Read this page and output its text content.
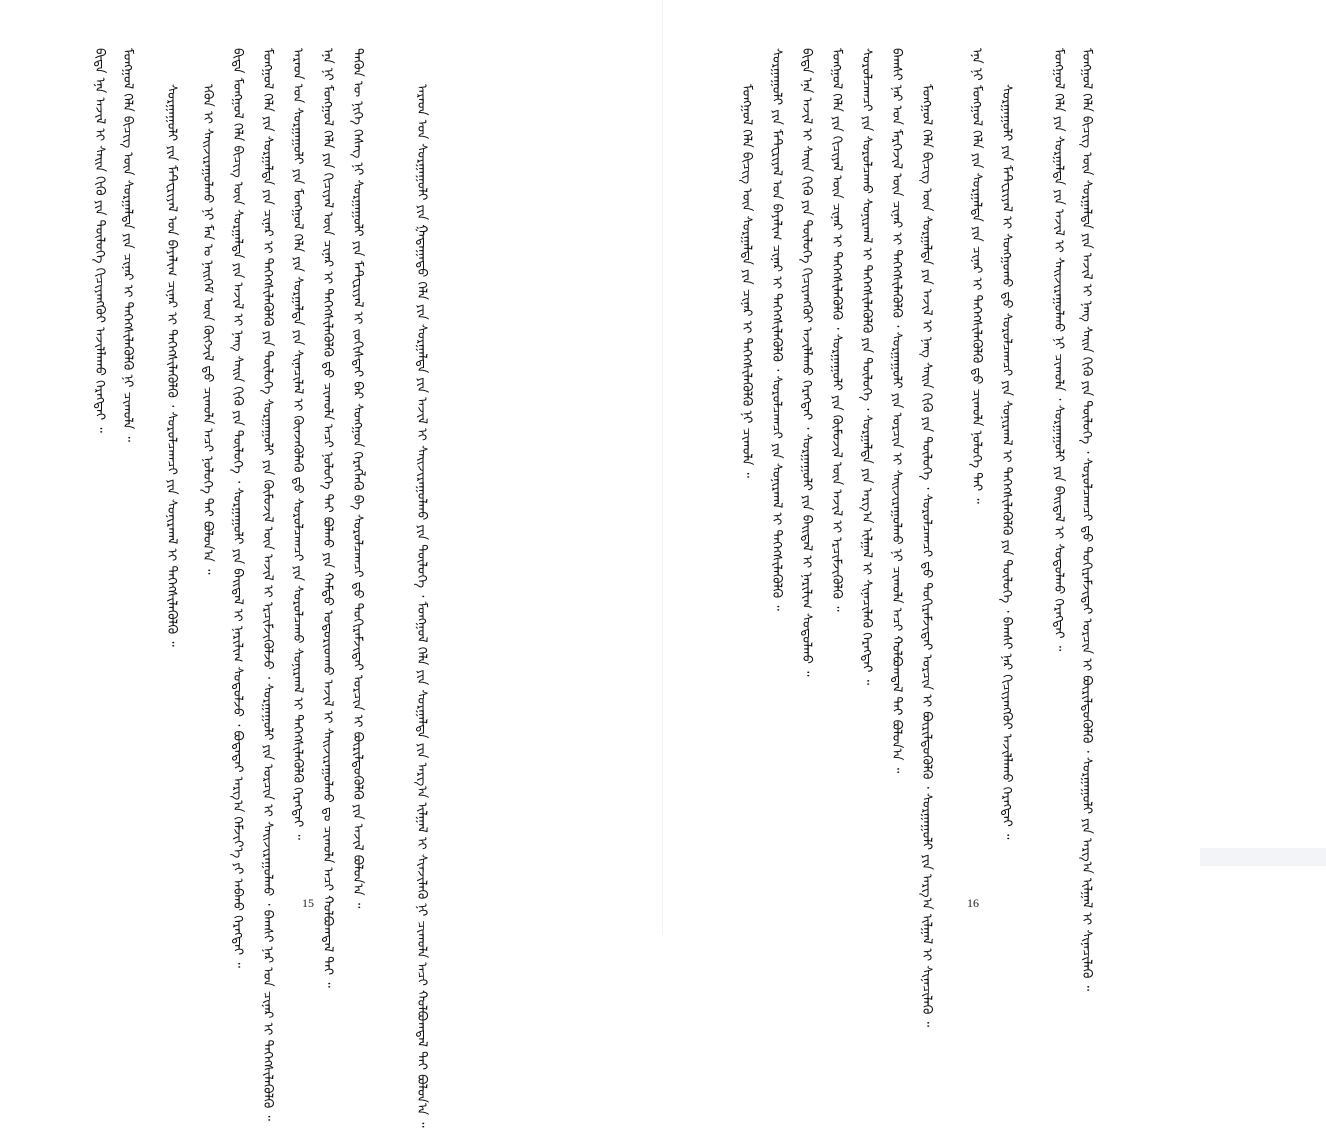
ᠪᠢᠳᠡ ᠡᠨᠡ ᠠᠵᠢᠯ ᠢ ᠰᠠᠢᠨ ᠬᠢᠬᠦ ᠶᠢᠨ ᠲᠥᠯᠥᠭᠡ ᠬᠢᠴᠢᠶᠡᠩᠭᠦᠢ ᠠᠵᠢᠯᠯᠠᠬᠤ ᠬᠡᠷᠡᠭᠲᠡᠢ ᠃	ᠮᠣᠩᠭᠣᠯ ᠬᠡᠯᠡ ᠪᠢᠴᠢᠭ ᠦᠨ ᠰᠤᠷᠭᠠᠯᠲᠠ ᠶᠢᠨ ᠴᠢᠨᠠᠷ ᠢ ᠳᠡᠭᠡᠭᠰᠢᠯᠡᠭᠦᠯᠬᠦ ᠨᠢ ᠴᠢᠬᠤᠯᠠ ᠃	ᠰᠤᠷᠭᠠᠭᠤᠯᠢ ᠶᠢᠨ ᠮᠠᠲ᠋ᠧᠷᠢᠶᠠᠯ ᠤᠨ ᠪᠠᠶᠠᠯᠢᠭ ᠴᠢᠨᠠᠷ ᠢ ᠳᠡᠭᠡᠭᠰᠢᠯᠡᠭᠦᠯᠬᠦ ᠂ ᠰᠤᠷᠤᠯᠴᠠᠭᠴᠢ ᠶᠢᠨ ᠰᠣᠨᠢᠷᠬᠠᠯ ᠢ ᠳᠡᠭᠡᠭᠰᠢᠯᠡᠭᠦᠯᠬᠦ ᠃	ᠡᠭᠦᠨ ᠢ ᠰᠠᠢᠵᠢᠷᠠᠭᠤᠯᠬᠤ ᠨᠢ ᠮᠠᠨ ᠤ ᠨᠡᠢᠭᠡᠮ ᠦᠨ ᠬᠥᠭᠵᠢᠯ ᠳ᠋ᠤ ᠴᠢᠬᠤᠯᠠ ᠠᠴᠢ ᠨᠣᠯᠣᠭᠡ ᠲᠠᠢ ᠪᠣᠯᠤᠨ᠎ᠠ ᠃	ᠪᠢᠳᠡ ᠮᠣᠩᠭᠣᠯ ᠬᠡᠯᠡ ᠪᠢᠴᠢᠭ ᠦᠨ ᠰᠤᠷᠭᠠᠯᠲᠠ ᠶᠢᠨ ᠠᠵᠢᠯ ᠢ ᠨᠡᠩ ᠰᠠᠢᠨ ᠬᠢᠬᠦ ᠶᠢᠨ ᠲᠥᠯᠥᠭᠡ ᠂ ᠰᠤᠷᠭᠠᠭᠤᠯᠢ ᠶᠢᠨ ᠪᠠᠢᠳᠠᠯ ᠢ ᠨᠠᠷᠢᠯᠢᠭ ᠰᠤᠳᠤᠯᠵᠤ ᠂ ᠪᠣᠳᠠᠲᠠᠢ ᠠᠷᠭ᠎ᠠ ᠬᠡᠮᠵᠢᠶ᠎ᠡ ᠶᠢ ᠠᠪᠬᠤ ᠬᠡᠷᠡᠭᠲᠡᠢ ᠃	ᠮᠣᠩᠭᠣᠯ ᠬᠡᠯᠡ ᠶᠢᠨ ᠰᠤᠷᠭᠠᠯᠲᠠ ᠶᠢᠨ ᠴᠢᠨᠠᠷ ᠢ ᠳᠡᠭᠡᠭᠰᠢᠯᠡᠭᠦᠯᠬᠦ ᠶᠢᠨ ᠲᠥᠯᠥᠭᠡ ᠰᠤᠷᠭᠠᠭᠤᠯᠢ ᠶᠢᠨ ᠬᠦᠮᠦᠵᠢᠯ ᠦᠨ ᠠᠵᠢᠯ ᠢ ᠡᠷᠴᠢᠮᠵᠢᠭᠦᠯᠵᠦ ᠂ ᠰᠤᠷᠭᠠᠭᠤᠯᠢ ᠶᠢᠨ ᠣᠷᠴᠢᠨ ᠢ ᠰᠠᠢᠵᠢᠷᠠᠭᠤᠯᠬᠤ ᠂ ᠪᠠᠭᠰᠢ ᠨᠠᠷ ᠤᠨ ᠴᠢᠨᠠᠷ ᠢ ᠳᠡᠭᠡᠭᠰᠢᠯᠡᠭᠦᠯᠬᠦ ᠃	ᠠᠷᠠᠳ ᠤᠨ ᠰᠤᠷᠭᠠᠭᠤᠯᠢ ᠶᠢᠨ ᠮᠣᠩᠭᠣᠯ ᠬᠡᠯᠡ ᠶᠢᠨ ᠰᠤᠷᠭᠠᠯᠲᠠ ᠶᠢᠨ ᠰᠢᠨᠡᠴᠢᠯᠡᠯ ᠢ ᠭᠦᠨᠵᠡᠭᠦᠯᠡᠬᠦ ᠳ᠋ᠤ ᠰᠤᠷᠤᠯᠴᠠᠭᠴᠢ ᠶᠢᠨ ᠰᠤᠷᠤᠯᠴᠠᠬᠤ ᠰᠣᠨᠢᠷᠬᠠᠯ ᠢ ᠳᠡᠭᠡᠭᠰᠢᠯᠡᠭᠦᠯᠬᠦ ᠬᠡᠷᠡᠭᠲᠡᠢ ᠃	ᠡᠨᠡ ᠨᠢ ᠮᠣᠩᠭᠣᠯ ᠬᠡᠯᠡ ᠶᠢᠨ ᠬᠢᠴᠢᠶᠡᠯ ᠦᠨ ᠴᠢᠨᠠᠷ ᠢ ᠳᠡᠭᠡᠭᠰᠢᠯᠡᠭᠦᠯᠬᠦ ᠳ᠋ᠤ ᠴᠢᠬᠤᠯᠠ ᠠᠴᠢ ᠨᠣᠯᠣᠭᠡ ᠲᠠᠢ ᠪᠣᠯᠬᠤ ᠶᠢᠨ ᠬᠠᠮᠲᠤ ᠤᠳᠤᠷᠢᠳᠬᠤ ᠠᠵᠢᠯ ᠢ ᠰᠠᠢᠵᠢᠷᠠᠭᠤᠯᠬᠤ ᠳᠤ ᠴᠢᠬᠤᠯᠠ ᠠᠴᠢ ᠬᠣᠯᠪᠣᠭᠳᠠᠯ ᠲᠠᠢ ᠃	ᠲᠡᠭᠦᠨ ᠦ ᠨᠢᠭᠡ ᠬᠡᠰᠡᠭ ᠨᠢ ᠰᠤᠷᠭᠠᠭᠤᠯᠢ ᠶᠢᠨ ᠮᠠᠲ᠋ᠧᠷᠢᠶᠠᠯ ᠢ ᠵᠣᠬᠢᠰᠲᠠᠢ ᠪᠡᠷ ᠰᠣᠩᠭᠣᠨ ᠬᠡᠷᠡᠭᠯᠡᠬᠦ ᠪᠠ ᠰᠤᠷᠤᠯᠴᠠᠭᠴᠢ ᠳ᠋ᠤ ᠲᠣᠬᠢᠷᠠᠮᠵᠢᠲᠠᠢ ᠣᠷᠴᠢᠨ ᠢ ᠪᠦᠷᠢᠯᠳᠦᠭᠦᠯᠬᠦ ᠶᠢᠨ ᠠᠵᠢᠯ ᠪᠣᠯᠤᠨ᠎ᠠ ᠃	ᠠᠷᠠᠳ ᠤᠨ ᠰᠤᠷᠭᠠᠭᠤᠯᠢ ᠶᠢᠨ ᠭᠠᠳᠠᠭᠠᠳᠤ ᠬᠡᠯᠡ ᠶᠢᠨ ᠰᠤᠷᠭᠠᠯᠲᠠ ᠶᠢᠨ ᠠᠵᠢᠯ ᠢ ᠰᠠᠢᠵᠢᠷᠠᠭᠤᠯᠬᠤ ᠶᠢᠨ ᠲᠥᠯᠥᠭᠡ ᠂ ᠮᠣᠩᠭᠣᠯ ᠬᠡᠯᠡ ᠶᠢᠨ ᠰᠤᠷᠭᠠᠯᠲᠠ ᠶᠢᠨ ᠠᠷᠭ᠎ᠠ ᠢᠯᠭᠠᠯ ᠢ ᠰᠢᠨᠵᠢᠯᠡᠬᠦ ᠨᠢ ᠴᠢᠬᠤᠯᠠ ᠠᠴᠢ ᠬᠣᠯᠪᠣᠭᠳᠠᠯ ᠲᠠᠢ ᠪᠣᠯᠤᠨ᠎ᠠ ᠃
15
ᠮᠣᠩᠭᠣᠯ ᠬᠡᠯᠡ ᠪᠢᠴᠢᠭ ᠦᠨ ᠰᠤᠷᠭᠠᠯᠲᠠ ᠶᠢᠨ ᠴᠢᠨᠠᠷ ᠢ ᠳᠡᠭᠡᠭᠰᠢᠯᠡᠭᠦᠯᠬᠦ ᠨᠢ ᠴᠢᠬᠤᠯᠠ ᠃	ᠰᠤᠷᠭᠠᠭᠤᠯᠢ ᠶᠢᠨ ᠮᠠᠲ᠋ᠧᠷᠢᠶᠠᠯ ᠤᠨ ᠪᠠᠶᠠᠯᠢᠭ ᠴᠢᠨᠠᠷ ᠢ ᠳᠡᠭᠡᠭᠰᠢᠯᠡᠭᠦᠯᠬᠦ ᠂ ᠰᠤᠷᠤᠯᠴᠠᠭᠴᠢ ᠶᠢᠨ ᠰᠣᠨᠢᠷᠬᠠᠯ ᠢ ᠳᠡᠭᠡᠭᠰᠢᠯᠡᠭᠦᠯᠬᠦ ᠃	ᠪᠢᠳᠡ ᠡᠨᠡ ᠠᠵᠢᠯ ᠢ ᠰᠠᠢᠨ ᠬᠢᠬᠦ ᠶᠢᠨ ᠲᠥᠯᠥᠭᠡ ᠬᠢᠴᠢᠶᠡᠩᠭᠦᠢ ᠠᠵᠢᠯᠯᠠᠬᠤ ᠬᠡᠷᠡᠭᠲᠡᠢ ᠂ ᠰᠤᠷᠭᠠᠭᠤᠯᠢ ᠶᠢᠨ ᠪᠠᠢᠳᠠᠯ ᠢ ᠨᠠᠷᠢᠯᠢᠭ ᠰᠤᠳᠤᠯᠬᠤ ᠃	ᠮᠣᠩᠭᠣᠯ ᠬᠡᠯᠡ ᠶᠢᠨ ᠬᠢᠴᠢᠶᠡᠯ ᠦᠨ ᠴᠢᠨᠠᠷ ᠢ ᠳᠡᠭᠡᠭᠰᠢᠯᠡᠭᠦᠯᠬᠦ ᠂ ᠰᠤᠷᠭᠠᠭᠤᠯᠢ ᠶᠢᠨ ᠬᠦᠮᠦᠵᠢᠯ ᠦᠨ ᠠᠵᠢᠯ ᠢ ᠡᠷᠴᠢᠮᠵᠢᠭᠦᠯᠬᠦ ᠃	ᠰᠤᠷᠤᠯᠴᠠᠭᠴᠢ ᠶᠢᠨ ᠰᠤᠷᠤᠯᠴᠠᠬᠤ ᠰᠣᠨᠢᠷᠬᠠᠯ ᠢ ᠳᠡᠭᠡᠭᠰᠢᠯᠡᠭᠦᠯᠬᠦ ᠶᠢᠨ ᠲᠥᠯᠥᠭᠡ ᠂ ᠰᠤᠷᠭᠠᠯᠲᠠ ᠶᠢᠨ ᠠᠷᠭ᠎ᠠ ᠢᠯᠭᠠᠯ ᠢ ᠰᠢᠨᠡᠴᠢᠯᠡᠬᠦ ᠬᠡᠷᠡᠭᠲᠡᠢ ᠃	ᠪᠠᠭᠰᠢ ᠨᠠᠷ ᠤᠨ ᠮᠡᠷᠭᠡᠵᠢᠯ ᠦᠨ ᠴᠢᠨᠠᠷ ᠢ ᠳᠡᠭᠡᠭᠰᠢᠯᠡᠭᠦᠯᠬᠦ ᠂ ᠰᠤᠷᠭᠠᠭᠤᠯᠢ ᠶᠢᠨ ᠣᠷᠴᠢᠨ ᠢ ᠰᠠᠢᠵᠢᠷᠠᠭᠤᠯᠬᠤ ᠨᠢ ᠴᠢᠬᠤᠯᠠ ᠠᠴᠢ ᠬᠣᠯᠪᠣᠭᠳᠠᠯ ᠲᠠᠢ ᠪᠣᠯᠤᠨ᠎ᠠ ᠃	ᠮᠣᠩᠭᠣᠯ ᠬᠡᠯᠡ ᠪᠢᠴᠢᠭ ᠦᠨ ᠰᠤᠷᠭᠠᠯᠲᠠ ᠶᠢᠨ ᠠᠵᠢᠯ ᠢ ᠨᠡᠩ ᠰᠠᠢᠨ ᠬᠢᠬᠦ ᠶᠢᠨ ᠲᠥᠯᠥᠭᠡ ᠂ ᠰᠤᠷᠤᠯᠴᠠᠭᠴᠢ ᠳ᠋ᠤ ᠲᠣᠬᠢᠷᠠᠮᠵᠢᠲᠠᠢ ᠣᠷᠴᠢᠨ ᠢ ᠪᠦᠷᠢᠯᠳᠦᠭᠦᠯᠬᠦ ᠂ ᠰᠤᠷᠭᠠᠭᠤᠯᠢ ᠶᠢᠨ ᠠᠷᠭ᠎ᠠ ᠢᠯᠭᠠᠯ ᠢ ᠰᠢᠨᠡᠴᠢᠯᠡᠬᠦ ᠃	ᠡᠨᠡ ᠨᠢ ᠮᠣᠩᠭᠣᠯ ᠬᠡᠯᠡ ᠶᠢᠨ ᠰᠤᠷᠭᠠᠯᠲᠠ ᠶᠢᠨ ᠴᠢᠨᠠᠷ ᠢ ᠳᠡᠭᠡᠭᠰᠢᠯᠡᠭᠦᠯᠬᠦ ᠳ᠋ᠤ ᠴᠢᠬᠤᠯᠠ ᠨᠣᠯᠣᠭᠡ ᠲᠠᠢ ᠃	ᠰᠤᠷᠭᠠᠭᠤᠯᠢ ᠶᠢᠨ ᠮᠠᠲ᠋ᠧᠷᠢᠶᠠᠯ ᠢ ᠰᠣᠩᠭᠣᠬᠤ ᠳ᠋ᠤ ᠰᠤᠷᠤᠯᠴᠠᠭᠴᠢ ᠶᠢᠨ ᠰᠣᠨᠢᠷᠬᠠᠯ ᠢ ᠳᠡᠭᠡᠭᠰᠢᠯᠡᠭᠦᠯᠬᠦ ᠶᠢᠨ ᠲᠥᠯᠥᠭᠡ ᠂ ᠪᠠᠭᠰᠢ ᠨᠠᠷ ᠬᠢᠴᠢᠶᠡᠩᠭᠦᠢ ᠠᠵᠢᠯᠯᠠᠬᠤ ᠬᠡᠷᠡᠭᠲᠡᠢ ᠃	ᠮᠣᠩᠭᠣᠯ ᠬᠡᠯᠡ ᠶᠢᠨ ᠰᠤᠷᠭᠠᠯᠲᠠ ᠶᠢᠨ ᠠᠵᠢᠯ ᠢ ᠰᠠᠢᠵᠢᠷᠠᠭᠤᠯᠬᠤ ᠨᠢ ᠴᠢᠬᠤᠯᠠ ᠂ ᠰᠤᠷᠭᠠᠭᠤᠯᠢ ᠶᠢᠨ ᠪᠠᠢᠳᠠᠯ ᠢ ᠰᠤᠳᠤᠯᠬᠤ ᠬᠡᠷᠡᠭᠲᠡᠢ ᠃	ᠮᠣᠩᠭᠣᠯ ᠬᠡᠯᠡ ᠪᠢᠴᠢᠭ ᠦᠨ ᠰᠤᠷᠭᠠᠯᠲᠠ ᠶᠢᠨ ᠠᠵᠢᠯ ᠢ ᠨᠡᠩ ᠰᠠᠢᠨ ᠬᠢᠬᠦ ᠶᠢᠨ ᠲᠥᠯᠥᠭᠡ ᠂ ᠰᠤᠷᠤᠯᠴᠠᠭᠴᠢ ᠳ᠋ᠤ ᠲᠣᠬᠢᠷᠠᠮᠵᠢᠲᠠᠢ ᠣᠷᠴᠢᠨ ᠢ ᠪᠦᠷᠢᠯᠳᠦᠭᠦᠯᠬᠦ ᠂ ᠰᠤᠷᠭᠠᠭᠤᠯᠢ ᠶᠢᠨ ᠠᠷᠭ᠎ᠠ ᠢᠯᠭᠠᠯ ᠢ ᠰᠢᠨᠡᠴᠢᠯᠡᠬᠦ ᠃
16
